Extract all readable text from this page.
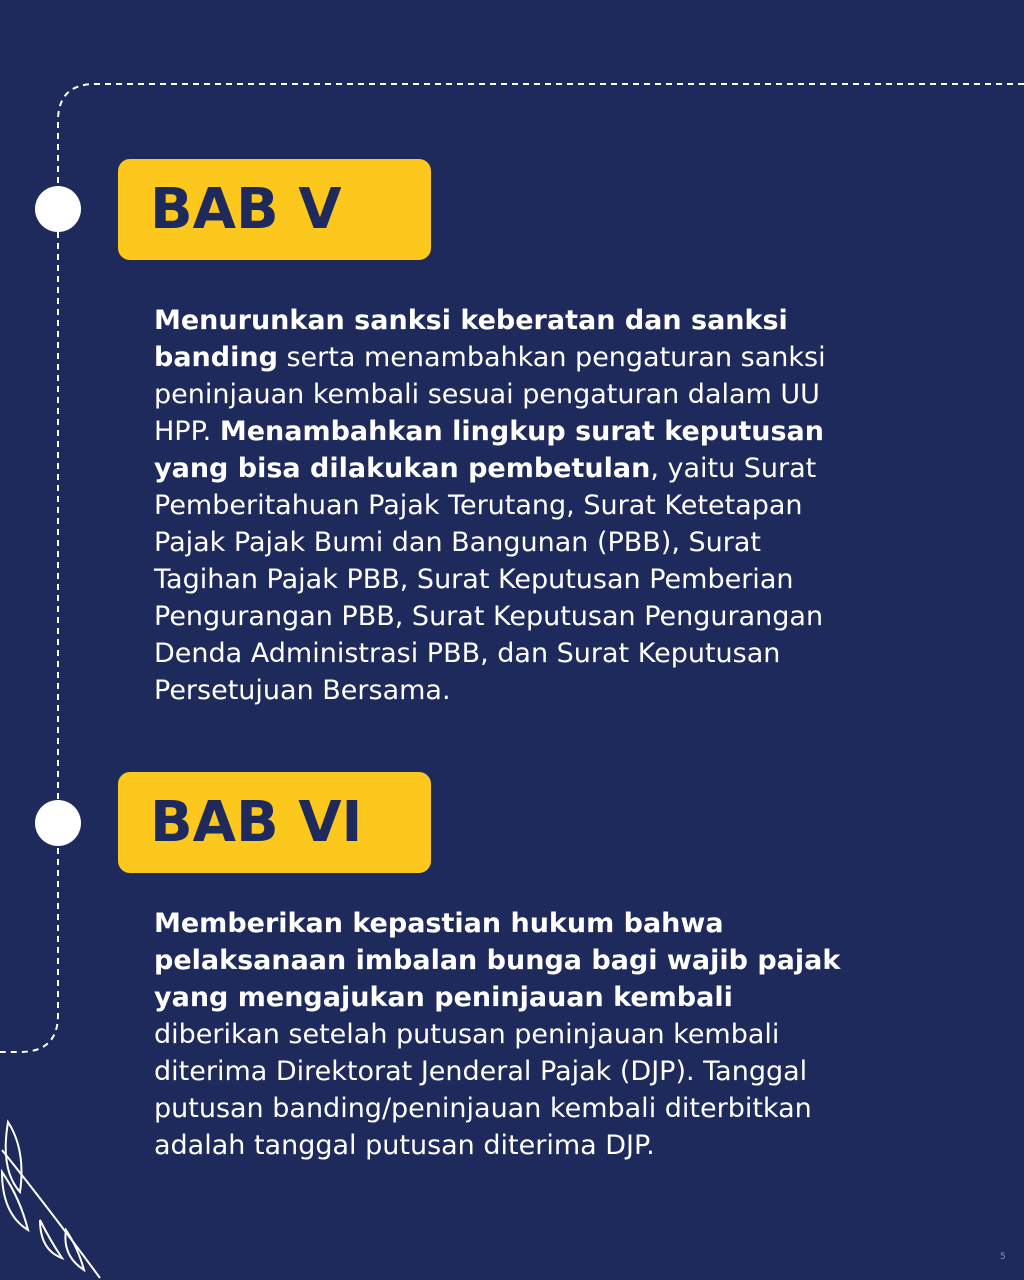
BAB V
Menurunkan sanksi keberatan dan sanksi
banding serta menambahkan pengaturan sanksi
peninjauan kembali sesuai pengaturan dalam UU
HPP. Menambahkan lingkup surat keputusan
yang bisa dilakukan pembetulan, yaitu Surat
Pemberitahuan Pajak Terutang, Surat Ketetapan
Pajak Pajak Bumi dan Bangunan (PBB), Surat
Tagihan Pajak PBB, Surat Keputusan Pemberian
Pengurangan PBB, Surat Keputusan Pengurangan
Denda Administrasi PBB, dan Surat Keputusan
Persetujuan Bersama.
BAB VI
Memberikan kepastian hukum bahwa
pelaksanaan imbalan bunga bagi wajib pajak
yang mengajukan peninjauan kembali
diberikan setelah putusan peninjauan kembali
diterima Direktorat Jenderal Pajak (DJP). Tanggal
putusan banding/peninjauan kembali diterbitkan
adalah tanggal putusan diterima DJP.
5
